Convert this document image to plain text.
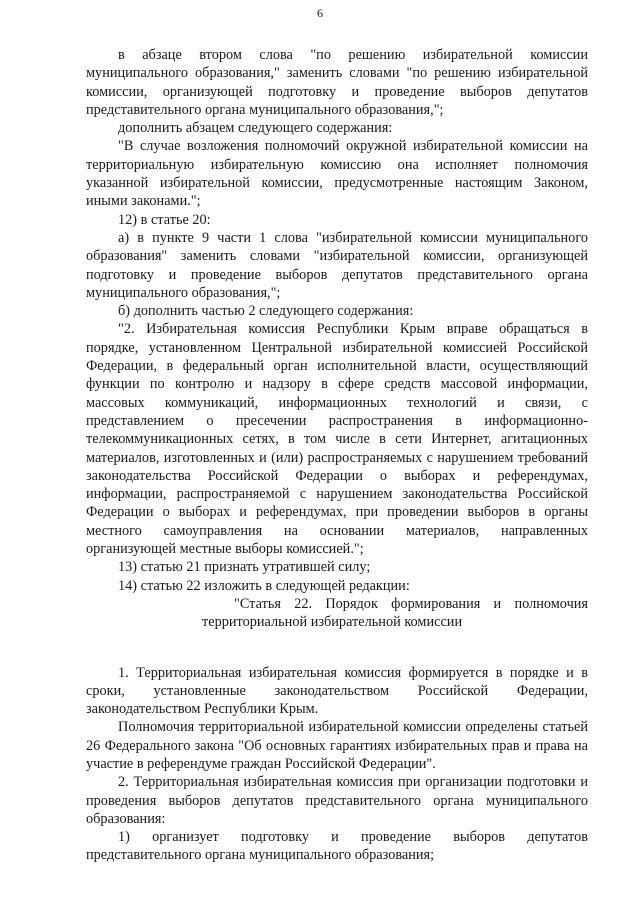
6

в абзаце втором слова "по решению избирательной комиссии муниципального образования," заменить словами "по решению избирательной комиссии, организующей подготовку и проведение выборов депутатов представительного органа муниципального образования,";

дополнить абзацем следующего содержания:

"В случае возложения полномочий окружной избирательной комиссии на территориальную избирательную комиссию она исполняет полномочия указанной избирательной комиссии, предусмотренные настоящим Законом, иными законами.";

12) в статье 20:

а) в пункте 9 части 1 слова "избирательной комиссии муниципального образования" заменить словами "избирательной комиссии, организующей подготовку и проведение выборов депутатов представительного органа муниципального образования,";

б) дополнить частью 2 следующего содержания:

"2. Избирательная комиссия Республики Крым вправе обращаться в порядке, установленном Центральной избирательной комиссией Российской Федерации, в федеральный орган исполнительной власти, осуществляющий функции по контролю и надзору в сфере средств массовой информации, массовых коммуникаций, информационных технологий и связи, с представлением о пресечении распространения в информационно-телекоммуникационных сетях, в том числе в сети Интернет, агитационных материалов, изготовленных и (или) распространяемых с нарушением требований законодательства Российской Федерации о выборах и референдумах, информации, распространяемой с нарушением законодательства Российской Федерации о выборах и референдумах, при проведении выборов в органы местного самоуправления на основании материалов, направленных организующей местные выборы комиссией.";

13) статью 21 признать утратившей силу;

14) статью 22 изложить в следующей редакции:

"Статья 22. Порядок формирования и полномочия территориальной избирательной комиссии

1. Территориальная избирательная комиссия формируется в порядке и в сроки, установленные законодательством Российской Федерации, законодательством Республики Крым.

Полномочия территориальной избирательной комиссии определены статьей 26 Федерального закона "Об основных гарантиях избирательных прав и права на участие в референдуме граждан Российской Федерации".

2. Территориальная избирательная комиссия при организации подготовки и проведения выборов депутатов представительного органа муниципального образования:

1) организует подготовку и проведение выборов депутатов представительного органа муниципального образования;
